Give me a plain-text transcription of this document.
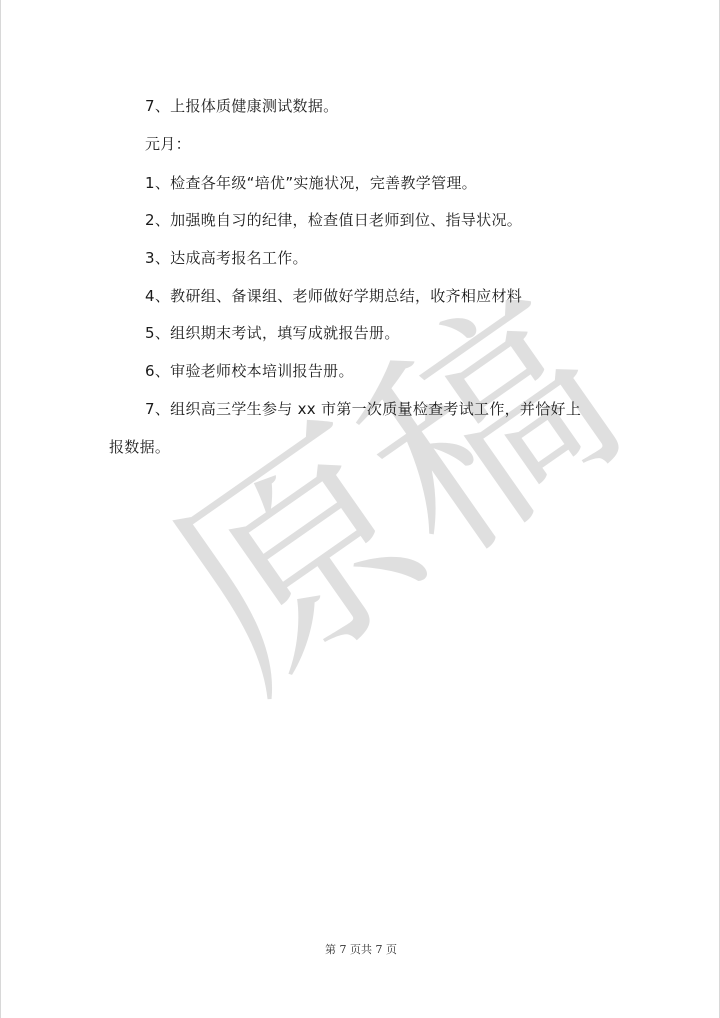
原稿
7、上报体质健康测试数据。
元月：
1、检查各年级“培优”实施状况，完善教学管理。
2、加强晚自习的纪律，检查值日老师到位、指导状况。
3、达成高考报名工作。
4、教研组、备课组、老师做好学期总结，收齐相应材料
5、组织期末考试，填写成就报告册。
6、审验老师校本培训报告册。
7、组织高三学生参与 xx 市第一次质量检查考试工作，并恰好上
报数据。
第 7 页共 7 页
